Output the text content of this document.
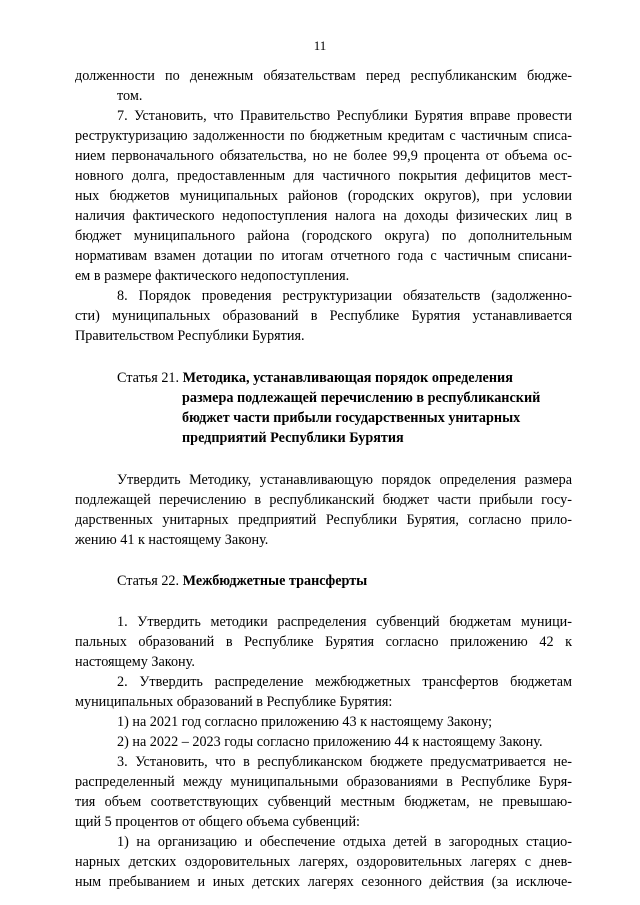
11
долженности по денежным обязательствам перед республиканским бюдже-
том.
7. Установить, что Правительство Республики Бурятия вправе провести
реструктуризацию задолженности по бюджетным кредитам с частичным списа-
нием первоначального обязательства, но не более 99,9 процента от объема ос-
новного долга, предоставленным для частичного покрытия дефицитов мест-
ных бюджетов муниципальных районов (городских округов), при условии
наличия фактического недопоступления налога на доходы физических лиц в
бюджет муниципального района (городского округа) по дополнительным
нормативам взамен дотации по итогам отчетного года с частичным списани-
ем в размере фактического недопоступления.
8. Порядок проведения реструктуризации обязательств (задолженно-
сти) муниципальных образований в Республике Бурятия устанавливается
Правительством Республики Бурятия.
Статья 21. Методика, устанавливающая порядок определения
размера подлежащей перечислению в республиканский
бюджет части прибыли государственных унитарных
предприятий Республики Бурятия
Утвердить Методику, устанавливающую порядок определения размера
подлежащей перечислению в республиканский бюджет части прибыли госу-
дарственных унитарных предприятий Республики Бурятия, согласно прило-
жению 41 к настоящему Закону.
Статья 22. Межбюджетные трансферты
1. Утвердить методики распределения субвенций бюджетам муници-
пальных образований в Республике Бурятия согласно приложению 42 к
настоящему Закону.
2. Утвердить распределение межбюджетных трансфертов бюджетам
муниципальных образований в Республике Бурятия:
1) на 2021 год согласно приложению 43 к настоящему Закону;
2) на 2022 – 2023 годы согласно приложению 44 к настоящему Закону.
3. Установить, что в республиканском бюджете предусматривается не-
распределенный между муниципальными образованиями в Республике Буря-
тия объем соответствующих субвенций местным бюджетам, не превышаю-
щий 5 процентов от общего объема субвенций:
1) на организацию и обеспечение отдыха детей в загородных стацио-
нарных детских оздоровительных лагерях, оздоровительных лагерях с днев-
ным пребыванием и иных детских лагерях сезонного действия (за исключе-
